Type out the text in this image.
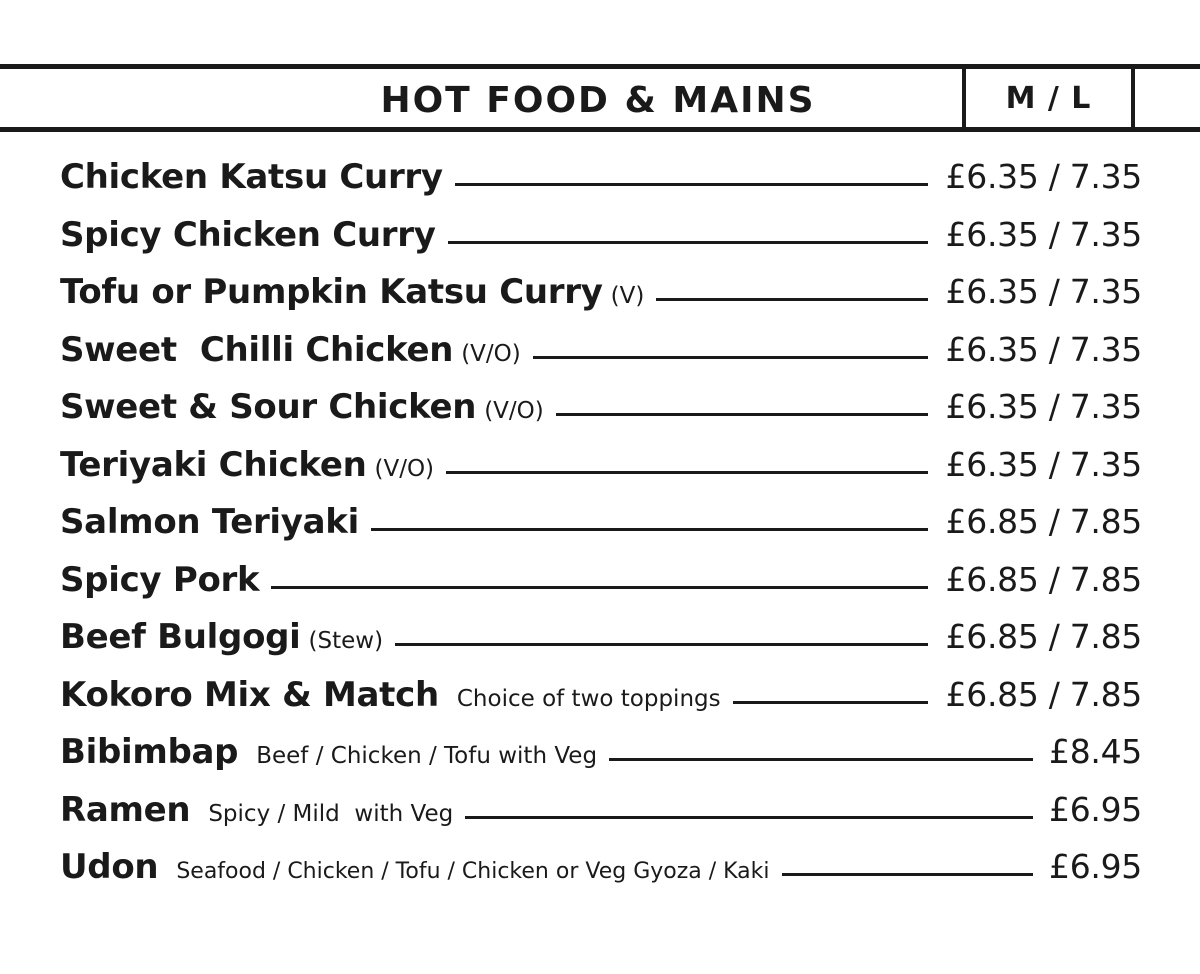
HOT FOOD & MAINS	M / L
Chicken Katsu Curry	£6.35 / 7.35
Spicy Chicken Curry	£6.35 / 7.35
Tofu or Pumpkin Katsu Curry (V)	£6.35 / 7.35
Sweet  Chilli Chicken (V/O)	£6.35 / 7.35
Sweet & Sour Chicken (V/O)	£6.35 / 7.35
Teriyaki Chicken (V/O)	£6.35 / 7.35
Salmon Teriyaki	£6.85 / 7.85
Spicy Pork	£6.85 / 7.85
Beef Bulgogi (Stew)	£6.85 / 7.85
Kokoro Mix & Match Choice of two toppings	£6.85 / 7.85
Bibimbap Beef / Chicken / Tofu with Veg	£8.45
Ramen Spicy / Mild  with Veg	£6.95
Udon Seafood / Chicken / Tofu / Chicken or Veg Gyoza / Kaki	£6.95
